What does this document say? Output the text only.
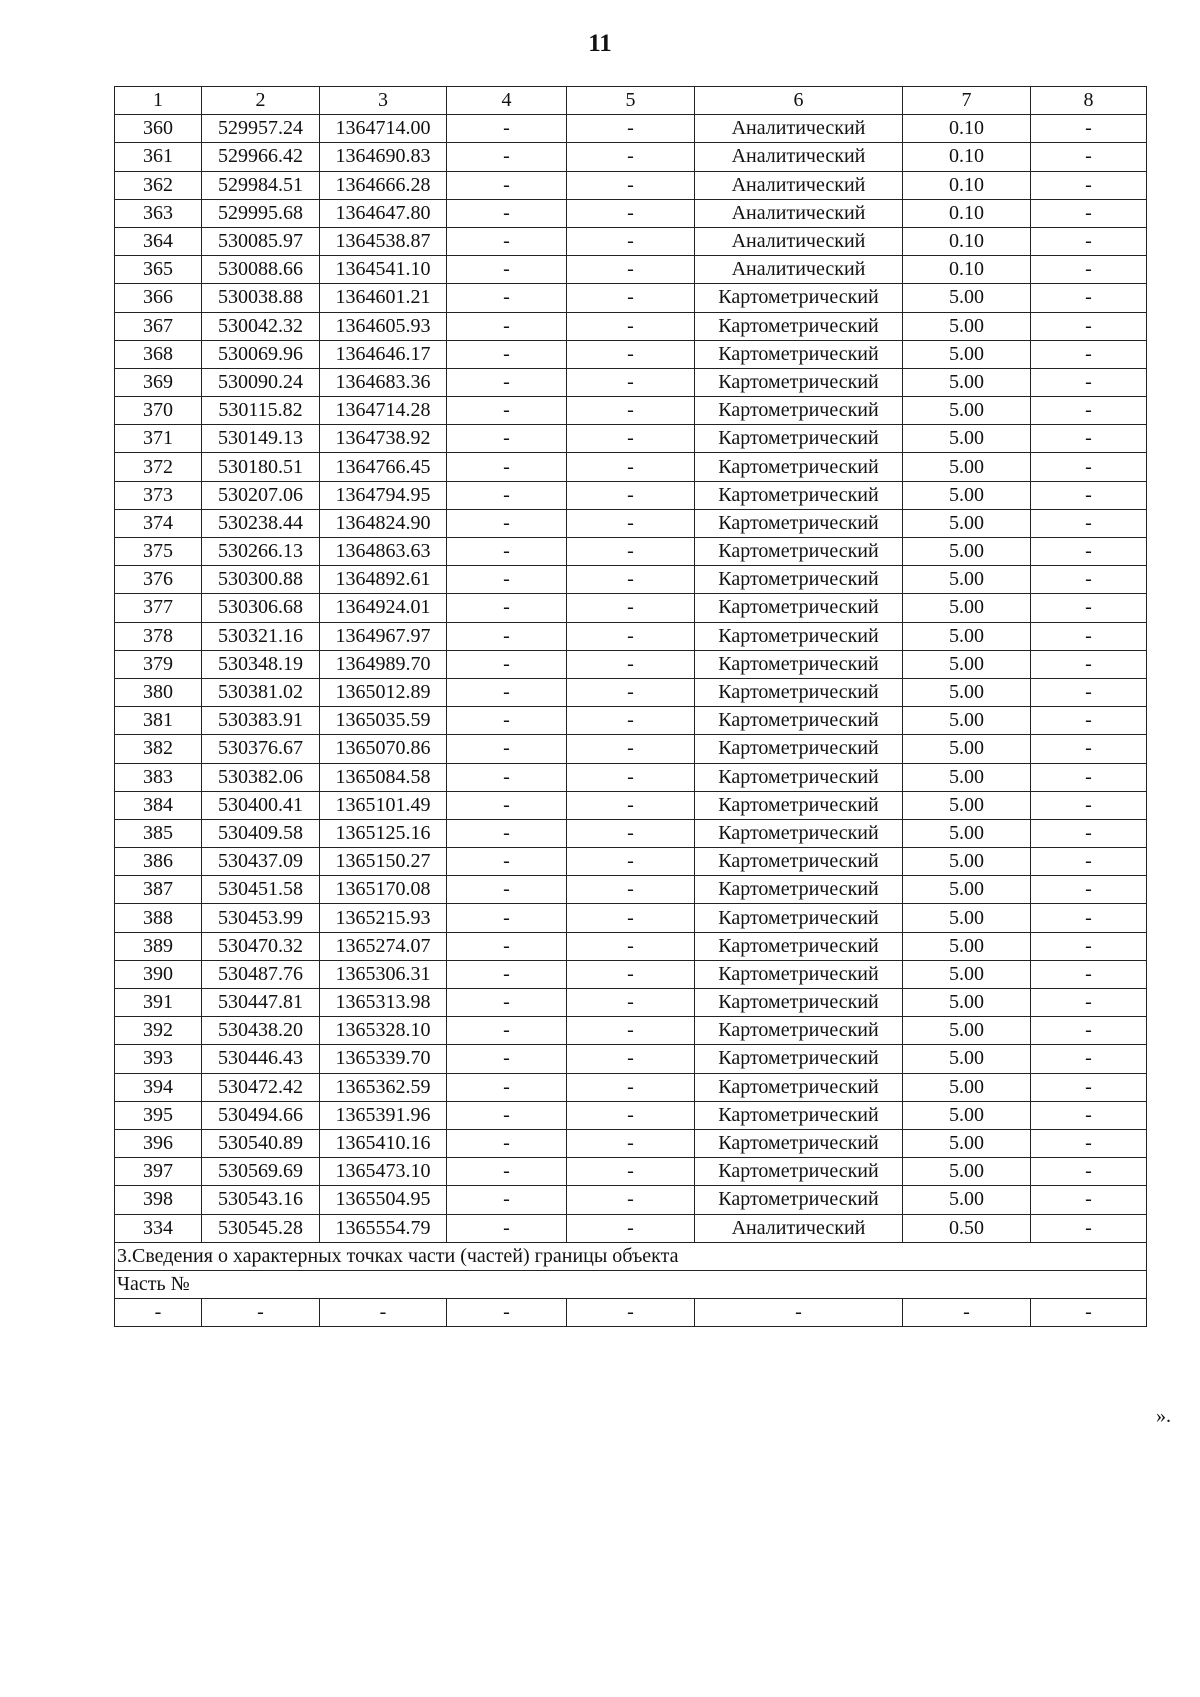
11
1	2	3	4	5	6	7	8	
360	529957.24	1364714.00	-	-	Аналитический	0.10	-	
361	529966.42	1364690.83	-	-	Аналитический	0.10	-	
362	529984.51	1364666.28	-	-	Аналитический	0.10	-	
363	529995.68	1364647.80	-	-	Аналитический	0.10	-	
364	530085.97	1364538.87	-	-	Аналитический	0.10	-	
365	530088.66	1364541.10	-	-	Аналитический	0.10	-	
366	530038.88	1364601.21	-	-	Картометрический	5.00	-	
367	530042.32	1364605.93	-	-	Картометрический	5.00	-	
368	530069.96	1364646.17	-	-	Картометрический	5.00	-	
369	530090.24	1364683.36	-	-	Картометрический	5.00	-	
370	530115.82	1364714.28	-	-	Картометрический	5.00	-	
371	530149.13	1364738.92	-	-	Картометрический	5.00	-	
372	530180.51	1364766.45	-	-	Картометрический	5.00	-	
373	530207.06	1364794.95	-	-	Картометрический	5.00	-	
374	530238.44	1364824.90	-	-	Картометрический	5.00	-	
375	530266.13	1364863.63	-	-	Картометрический	5.00	-	
376	530300.88	1364892.61	-	-	Картометрический	5.00	-	
377	530306.68	1364924.01	-	-	Картометрический	5.00	-	
378	530321.16	1364967.97	-	-	Картометрический	5.00	-	
379	530348.19	1364989.70	-	-	Картометрический	5.00	-	
380	530381.02	1365012.89	-	-	Картометрический	5.00	-	
381	530383.91	1365035.59	-	-	Картометрический	5.00	-	
382	530376.67	1365070.86	-	-	Картометрический	5.00	-	
383	530382.06	1365084.58	-	-	Картометрический	5.00	-	
384	530400.41	1365101.49	-	-	Картометрический	5.00	-	
385	530409.58	1365125.16	-	-	Картометрический	5.00	-	
386	530437.09	1365150.27	-	-	Картометрический	5.00	-	
387	530451.58	1365170.08	-	-	Картометрический	5.00	-	
388	530453.99	1365215.93	-	-	Картометрический	5.00	-	
389	530470.32	1365274.07	-	-	Картометрический	5.00	-	
390	530487.76	1365306.31	-	-	Картометрический	5.00	-	
391	530447.81	1365313.98	-	-	Картометрический	5.00	-	
392	530438.20	1365328.10	-	-	Картометрический	5.00	-	
393	530446.43	1365339.70	-	-	Картометрический	5.00	-	
394	530472.42	1365362.59	-	-	Картометрический	5.00	-	
395	530494.66	1365391.96	-	-	Картометрический	5.00	-	
396	530540.89	1365410.16	-	-	Картометрический	5.00	-	
397	530569.69	1365473.10	-	-	Картометрический	5.00	-	
398	530543.16	1365504.95	-	-	Картометрический	5.00	-	
334	530545.28	1365554.79	-	-	Аналитический	0.50	-	
3.Сведения о характерных точках части (частей) границы объекта								
Часть №								
-	-	-	-	-	-	-	-	
».
